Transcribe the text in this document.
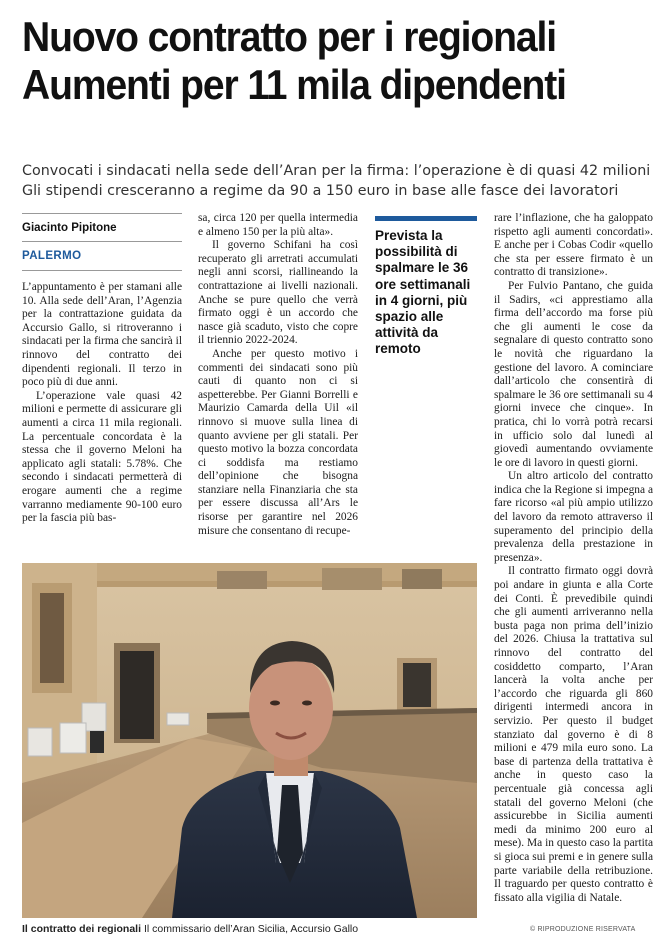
Nuovo contratto per i regionali
Aumenti per 11 mila dipendenti
Convocati i sindacati nella sede dell’Aran per la firma: l’operazione è di quasi 42 milioni
Gli stipendi cresceranno a regime da 90 a 150 euro in base alle fasce dei lavoratori
Giacinto Pipitone
PALERMO

L’appuntamento è per stamani alle 10. Alla sede dell’Aran, l’Agenzia per la contrattazione guidata da Accursio Gallo, si ritroveranno i sindacati per la firma che sancirà il rinnovo del contratto dei dipendenti regionali. Il terzo in poco più di due anni.

L’operazione vale quasi 42 milioni e permette di assicurare gli aumenti a circa 11 mila regionali. La percentuale concordata è la stessa che il governo Meloni ha applicato agli statali: 5.78%. Che secondo i sindacati permetterà di erogare aumenti che a regime varranno mediamente 90-100 euro per la fascia più bas-

sa, circa 120 per quella intermedia e almeno 150 per la più alta».

Il governo Schifani ha così recuperato gli arretrati accumulati negli anni scorsi, riallineando la contrattazione ai livelli nazionali. Anche se pure quello che verrà firmato oggi è un accordo che nasce già scaduto, visto che copre il triennio 2022-2024.

Anche per questo motivo i commenti dei sindacati sono più cauti di quanto non ci si aspetterebbe. Per Gianni Borrelli e Maurizio Camarda della Uil «il rinnovo si muove sulla linea di quanto avviene per gli statali. Per questo motivo la bozza concordata ci soddisfa ma restiamo dell’opinione che bisogna stanziare nella Finanziaria che sta per essere discussa all’Ars le risorse per garantire nel 2026 misure che consentano di recupe-

Prevista la possibilità di spalmare le 36 ore settimanali in 4 giorni, più spazio alle attività da remoto

rare l’inflazione, che ha galoppato rispetto agli aumenti concordati». E anche per i Cobas Codir «quello che sta per essere firmato è un contratto di transizione».

Per Fulvio Pantano, che guida il Sadirs, «ci apprestiamo alla firma dell’accordo ma forse più che gli aumenti le cose da segnalare di questo contratto sono le novità che riguardano la gestione del lavoro. A cominciare dall’articolo che consentirà di spalmare le 36 ore settimanali su 4 giorni invece che cinque». In pratica, chi lo vorrà potrà recarsi in ufficio solo dal lunedì al giovedì aumentando ovviamente le ore di lavoro in questi giorni.

Un altro articolo del contratto indica che la Regione si impegna a fare ricorso «al più ampio utilizzo del lavoro da remoto attraverso il superamento del principio della prevalenza della prestazione in presenza».

Il contratto firmato oggi dovrà poi andare in giunta e alla Corte dei Conti. È prevedibile quindi che gli aumenti arriveranno nella busta paga non prima dell’inizio del 2026. Chiusa la trattativa sul rinnovo del contratto del cosiddetto comparto, l’Aran lancerà la volta anche per l’accordo che riguarda gli 860 dirigenti intermedi ancora in servizio. Per questo il budget stanziato dal governo è di 8 milioni e 479 mila euro sono. La base di partenza della trattativa è anche in questo caso la percentuale già concessa agli statali del governo Meloni (che assicurebbe in Sicilia aumenti medi da minimo 200 euro al mese). Ma in questo caso la partita si gioca sui premi e in genere sulla parte variabile della retribuzione. Il traguardo per questo contratto è fissato alla vigilia di Natale.

Il contratto dei regionali Il commissario dell’Aran Sicilia, Accursio Gallo	© RIPRODUZIONE RISERVATA
